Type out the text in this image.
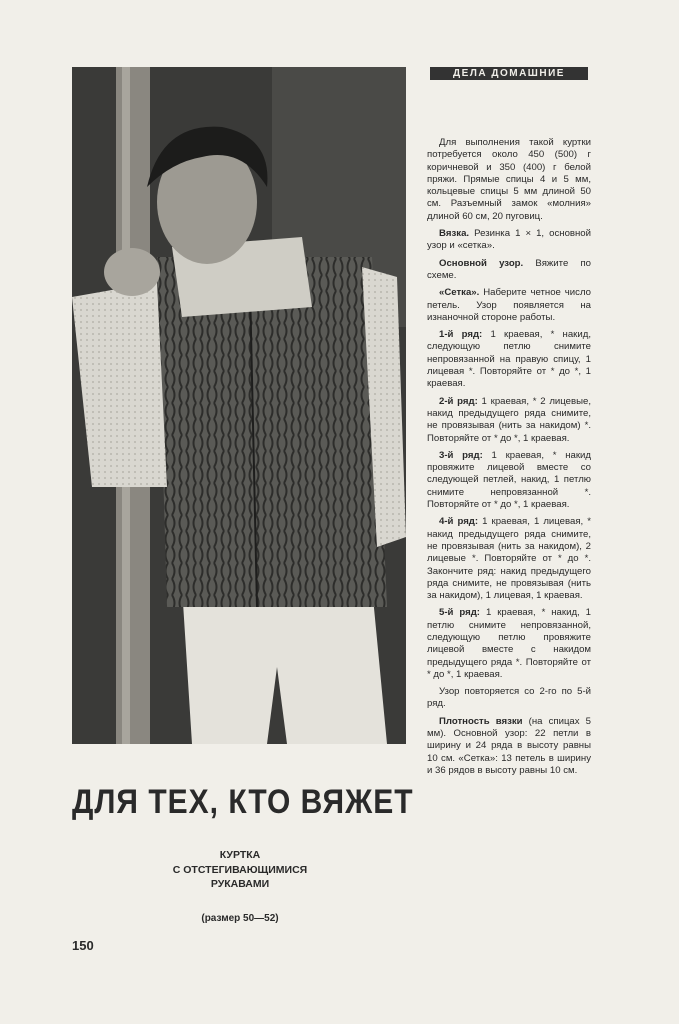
ДЕЛА ДОМАШНИЕ

Для выполнения такой куртки потребуется около 450 (500) г коричневой и 350 (400) г белой пряжи. Прямые спицы 4 и 5 мм, кольцевые спицы 5 мм длиной 50 см. Разъемный замок «молния» длиной 60 см, 20 пуговиц.

Вязка. Резинка 1 × 1, основной узор и «сетка».

Основной узор. Вяжите по схеме.

«Сетка». Наберите четное число петель. Узор появляется на изнаночной стороне работы.

1-й ряд: 1 краевая, * накид, следующую петлю снимите непровязанной на правую спицу, 1 лицевая *. Повторяйте от * до *, 1 краевая.

2-й ряд: 1 краевая, * 2 лицевые, накид предыдущего ряда снимите, не провязывая (нить за накидом) *. Повторяйте от * до *, 1 краевая.

3-й ряд: 1 краевая, * накид провяжите лицевой вместе со следующей петлей, накид, 1 петлю снимите непровязанной *. Повторяйте от * до *, 1 краевая.

4-й ряд: 1 краевая, 1 лицевая, * накид предыдущего ряда снимите, не провязывая (нить за накидом), 2 лицевые *. Повторяйте от * до *. Закончите ряд: накид предыдущего ряда снимите, не провязывая (нить за накидом), 1 лицевая, 1 краевая.

5-й ряд: 1 краевая, * накид, 1 петлю снимите непровязанной, следующую петлю провяжите лицевой вместе с накидом предыдущего ряда *. Повторяйте от * до *, 1 краевая.

Узор повторяется со 2-го по 5-й ряд.

Плотность вязки (на спицах 5 мм). Основной узор: 22 петли в ширину и 24 ряда в высоту равны 10 см. «Сетка»: 13 петель в ширину и 36 рядов в высоту равны 10 см.

ДЛЯ ТЕХ, КТО ВЯЖЕТ
КУРТКА
С ОТСТЕГИВАЮЩИМИСЯ
РУКАВАМИ
(размер 50—52)
150
